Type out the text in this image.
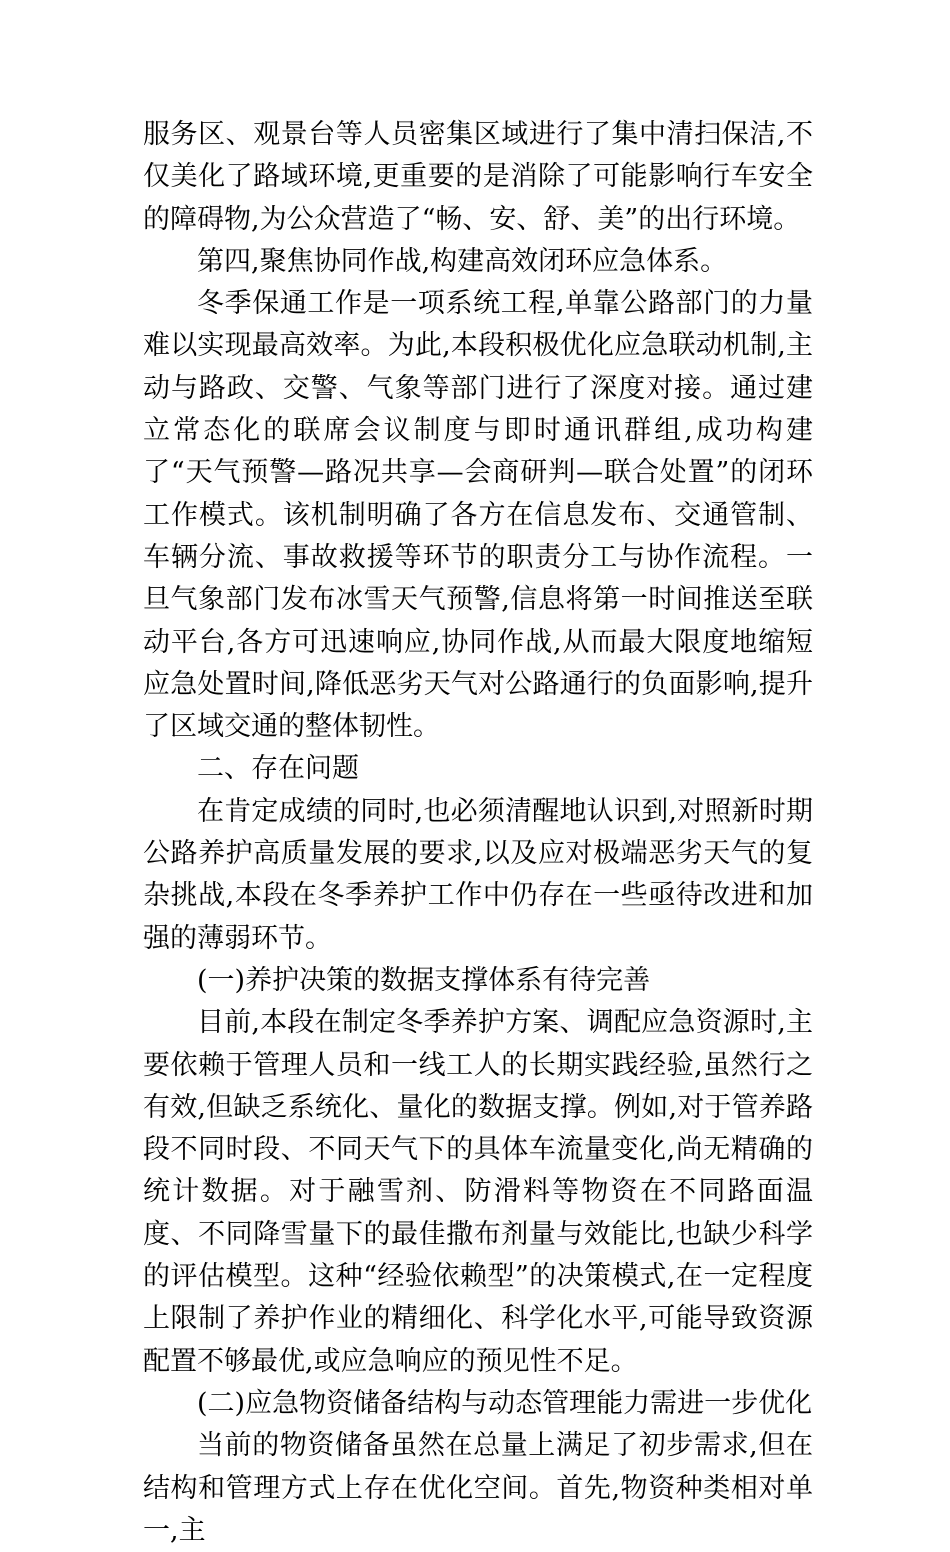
服务区、观景台等人员密集区域进行了集中清扫保洁,不仅美化了路域环境,更重要的是消除了可能影响行车安全的障碍物,为公众营造了“畅、安、舒、美”的出行环境。

第四,聚焦协同作战,构建高效闭环应急体系。

冬季保通工作是一项系统工程,单靠公路部门的力量难以实现最高效率。为此,本段积极优化应急联动机制,主动与路政、交警、气象等部门进行了深度对接。通过建立常态化的联席会议制度与即时通讯群组,成功构建了“天气预警—路况共享—会商研判—联合处置”的闭环工作模式。该机制明确了各方在信息发布、交通管制、车辆分流、事故救援等环节的职责分工与协作流程。一旦气象部门发布冰雪天气预警,信息将第一时间推送至联动平台,各方可迅速响应,协同作战,从而最大限度地缩短应急处置时间,降低恶劣天气对公路通行的负面影响,提升了区域交通的整体韧性。

二、存在问题

在肯定成绩的同时,也必须清醒地认识到,对照新时期公路养护高质量发展的要求,以及应对极端恶劣天气的复杂挑战,本段在冬季养护工作中仍存在一些亟待改进和加强的薄弱环节。

(一)养护决策的数据支撑体系有待完善

目前,本段在制定冬季养护方案、调配应急资源时,主要依赖于管理人员和一线工人的长期实践经验,虽然行之有效,但缺乏系统化、量化的数据支撑。例如,对于管养路段不同时段、不同天气下的具体车流量变化,尚无精确的统计数据。对于融雪剂、防滑料等物资在不同路面温度、不同降雪量下的最佳撒布剂量与效能比,也缺少科学的评估模型。这种“经验依赖型”的决策模式,在一定程度上限制了养护作业的精细化、科学化水平,可能导致资源配置不够最优,或应急响应的预见性不足。

(二)应急物资储备结构与动态管理能力需进一步优化

当前的物资储备虽然在总量上满足了初步需求,但在结构和管理方式上存在优化空间。首先,物资种类相对单一,主
